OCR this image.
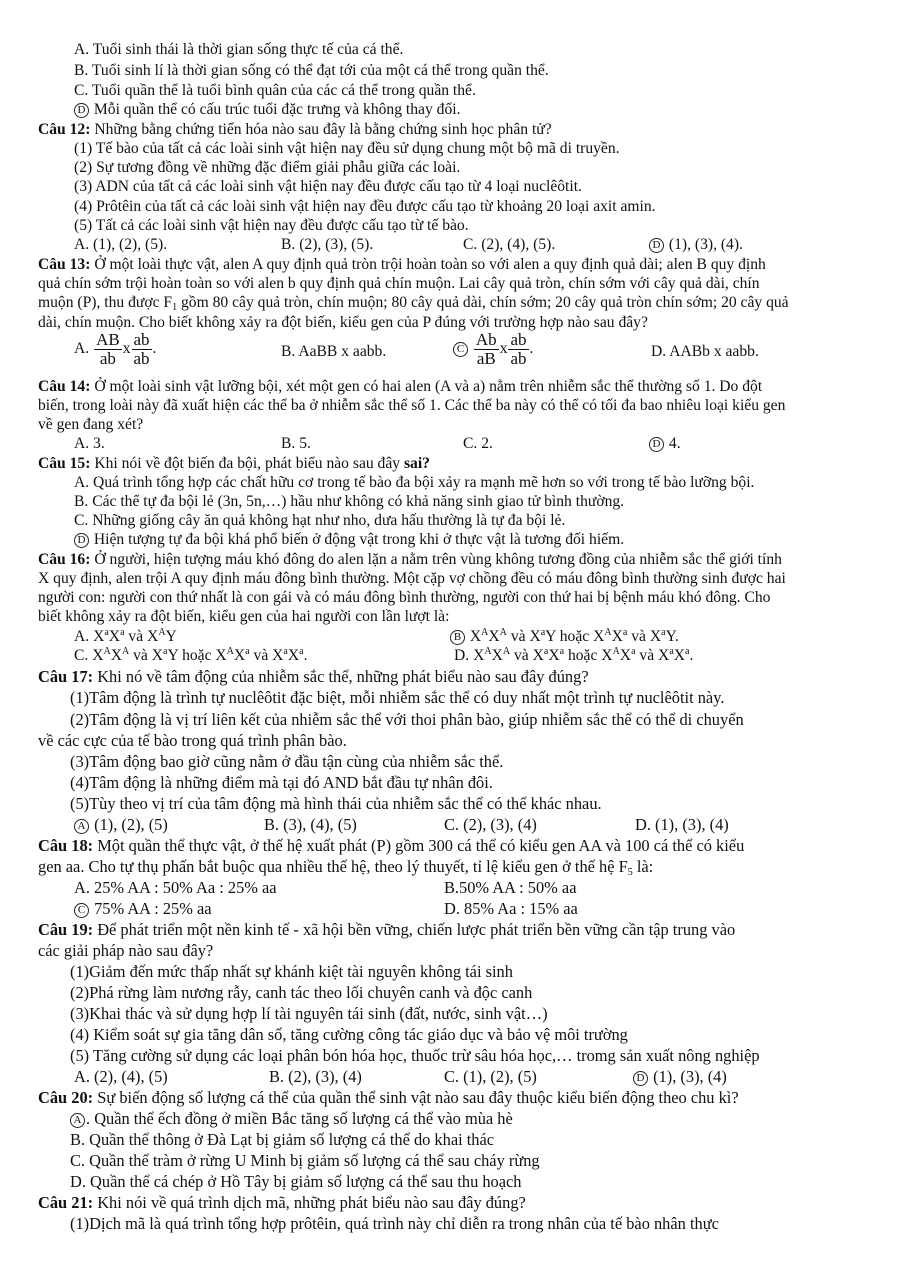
A. Tuổi sinh thái là thời gian sống thực tế của cá thể.
B. Tuổi sinh lí là thời gian sống có thể đạt tới của một cá thể trong quần thể.
C. Tuổi quần thể là tuổi bình quân của các cá thể trong quần thể.
D Mỗi quần thể có cấu trúc tuổi đặc trưng và không thay đổi.
Câu 12: Những bằng chứng tiến hóa nào sau đây là bằng chứng sinh học phân tử?
(1) Tế bào của tất cả các loài sinh vật hiện nay đều sử dụng chung một bộ mã di truyền.
(2) Sự tương đồng về những đặc điểm giải phẫu giữa các loài.
(3) ADN của tất cả các loài sinh vật hiện nay đều được cấu tạo từ 4 loại nuclêôtit.
(4) Prôtêin của tất cả các loài sinh vật hiện nay đều được cấu tạo từ khoảng 20 loại axit amin.
(5) Tất cả các loài sinh vật hiện nay đều được cấu tạo từ tế bào.
A. (1), (2), (5).	B. (2), (3), (5).	C. (2), (4), (5).	D (1), (3), (4).
Câu 13: Ở một loài thực vật, alen A quy định quả tròn trội hoàn toàn so với alen a quy định quả dài; alen B quy định
quả chín sớm trội hoàn toàn so với alen b quy định quả chín muộn. Lai cây quả tròn, chín sớm với cây quả dài, chín
muộn (P), thu được $F_1$ gồm 80 cây quả tròn, chín muộn; 80 cây quả dài, chín sớm; 20 cây quả tròn chín sớm; 20 cây quả
dài, chín muộn. Cho biết không xảy ra đột biến, kiểu gen của P đúng với trường hợp nào sau đây?
A. $\frac{AB}{ab}$ x $\frac{ab}{ab}$ .	B. AaBB x aabb.	C $\frac{Ab}{aB}$ x $\frac{ab}{ab}$ .	D. AABb x aabb.
Câu 14: Ở một loài sinh vật lưỡng bội, xét một gen có hai alen (A và a) nằm trên nhiễm sắc thể thường số 1. Do đột
biến, trong loài này đã xuất hiện các thể ba ở nhiễm sắc thể số 1. Các thể ba này có thể có tối đa bao nhiêu loại kiểu gen
về gen đang xét?
A. 3.	B. 5.	C. 2.	D 4.
Câu 15: Khi nói về đột biến đa bội, phát biểu nào sau đây sai?
A. Quá trình tổng hợp các chất hữu cơ trong tế bào đa bội xảy ra mạnh mẽ hơn so với trong tế bào lưỡng bội.
B. Các thể tự đa bội lẻ (3n, 5n,…) hầu như không có khả năng sinh giao tử bình thường.
C. Những giống cây ăn quả không hạt như nho, dưa hấu thường là tự đa bội lẻ.
D Hiện tượng tự đa bội khá phổ biến ở động vật trong khi ở thực vật là tương đối hiếm.
Câu 16: Ở người, hiện tượng máu khó đông do alen lặn a nằm trên vùng không tương đồng của nhiễm sắc thể giới tính
X quy định, alen trội A quy định máu đông bình thường. Một cặp vợ chồng đều có máu đông bình thường sinh được hai
người con: người con thứ nhất là con gái và có máu đông bình thường, người con thứ hai bị bệnh máu khó đông. Cho
biết không xảy ra đột biến, kiểu gen của hai người con lần lượt là:
A. $X^aX^a$ và $X^AY$	B $X^AX^A$ và $X^aY$ hoặc $X^AX^a$ và $X^aY$.
C. $X^AX^A$ và $X^aY$ hoặc $X^AX^a$ và $X^aX^a$.	D. $X^AX^A$ và $X^aX^a$ hoặc $X^AX^a$ và $X^aX^a$.
Câu 17: Khi nó về tâm động của nhiễm sắc thể, những phát biểu nào sau đây đúng?
(1)Tâm động là trình tự nuclêôtit đặc biệt, mỗi nhiễm sắc thể có duy nhất một trình tự nuclêôtit này.
(2)Tâm động là vị trí liên kết của nhiễm sắc thể với thoi phân bào, giúp nhiễm sắc thể có thể di chuyển
về các cực của tế bào trong quá trình phân bào.
(3)Tâm động bao giờ cũng nằm ở đầu tận cùng của nhiễm sắc thể.
(4)Tâm động là những điểm mà tại đó AND bắt đầu tự nhân đôi.
(5)Tùy theo vị trí của tâm động mà hình thái của nhiễm sắc thể có thể khác nhau.
A (1), (2), (5)	B. (3), (4), (5)	C. (2), (3), (4)	D. (1), (3), (4)
Câu 18: Một quần thể thực vật, ở thế hệ xuất phát (P) gồm 300 cá thể có kiểu gen AA và 100 cá thể có kiểu
gen aa. Cho tự thụ phấn bắt buộc qua nhiều thế hệ, theo lý thuyết, tỉ lệ kiểu gen ở thế hệ $F_5$ là:
A. 25% AA : 50% Aa : 25% aa	B.50% AA : 50% aa
C 75% AA : 25% aa	D. 85% Aa : 15% aa
Câu 19: Để phát triển một nền kinh tế - xã hội bền vững, chiến lược phát triển bền vững cần tập trung vào
các giải pháp nào sau đây?
(1)Giảm đến mức thấp nhất sự khánh kiệt tài nguyên không tái sinh
(2)Phá rừng làm nương rẫy, canh tác theo lối chuyên canh và độc canh
(3)Khai thác và sử dụng hợp lí tài nguyên tái sinh (đất, nước, sinh vật…)
(4) Kiểm soát sự gia tăng dân số, tăng cường công tác giáo dục và bảo vệ môi trường
(5) Tăng cường sử dụng các loại phân bón hóa học, thuốc trừ sâu hóa học,… tromg sản xuất nông nghiệp
A. (2), (4), (5)	B. (2), (3), (4)	C. (1), (2), (5)	D (1), (3), (4)
Câu 20: Sự biến động số lượng cá thể của quần thể sinh vật nào sau đây thuộc kiểu biến động theo chu kì?
A . Quần thể ếch đồng ở miền Bắc tăng số lượng cá thể vào mùa hè
B. Quần thể thông ở Đà Lạt bị giảm số lượng cá thể do khai thác
C. Quần thể tràm ở rừng U Minh bị giảm số lượng cá thể sau cháy rừng
D. Quần thể cá chép ở Hồ Tây bị giảm số lượng cá thể sau thu hoạch
Câu 21: Khi nói về quá trình dịch mã, những phát biểu nào sau đây đúng?
(1)Dịch mã là quá trình tổng hợp prôtêin, quá trình này chỉ diễn ra trong nhân của tế bào nhân thực
